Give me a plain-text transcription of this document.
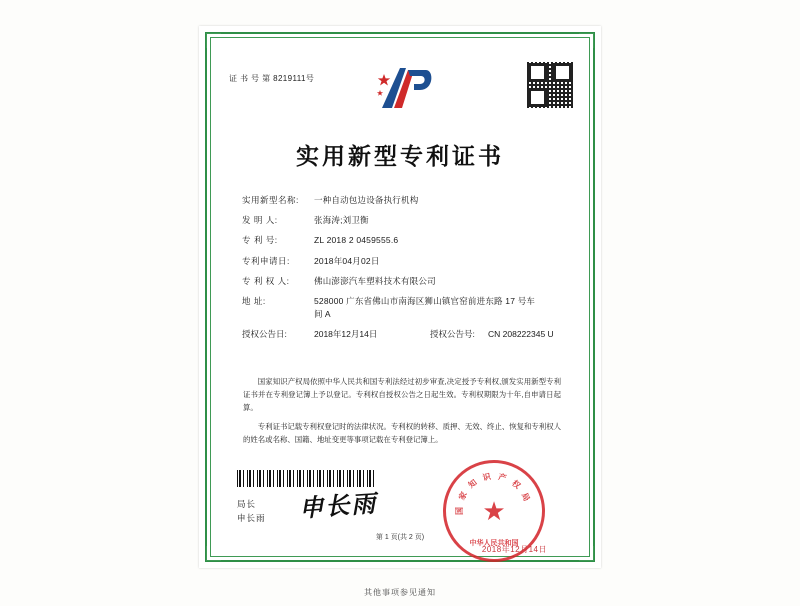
证 书 号 第 8219111号
实用新型专利证书
实用新型名称:	一种自动包边设备执行机构
发 明 人:	张海涛;刘卫衡
专 利 号:	ZL 2018 2 0459555.6
专利申请日:	2018年04月02日
专 利 权 人:	佛山澎澎汽车塑料技术有限公司
地 址:	528000 广东省佛山市南海区狮山镇官窑前进东路 17 号车
间 A
授权公告日:	2018年12月14日	授权公告号:	CN 208222345 U

国家知识产权局依照中华人民共和国专利法经过初步审查,决定授予专利权,颁发实用新型专利证书并在专利登记簿上予以登记。专利权自授权公告之日起生效。专利权期限为十年,自申请日起算。

专利证书记载专利权登记时的法律状况。专利权的转移、质押、无效、终止、恢复和专利权人的姓名或名称、国籍、地址变更等事项记载在专利登记簿上。

局长
申长雨 申长雨	国
家
知
识 产
权
局
★
中华人民共和国
2018年12月14日
第 1 页(共 2 页)
其他事项参见通知
